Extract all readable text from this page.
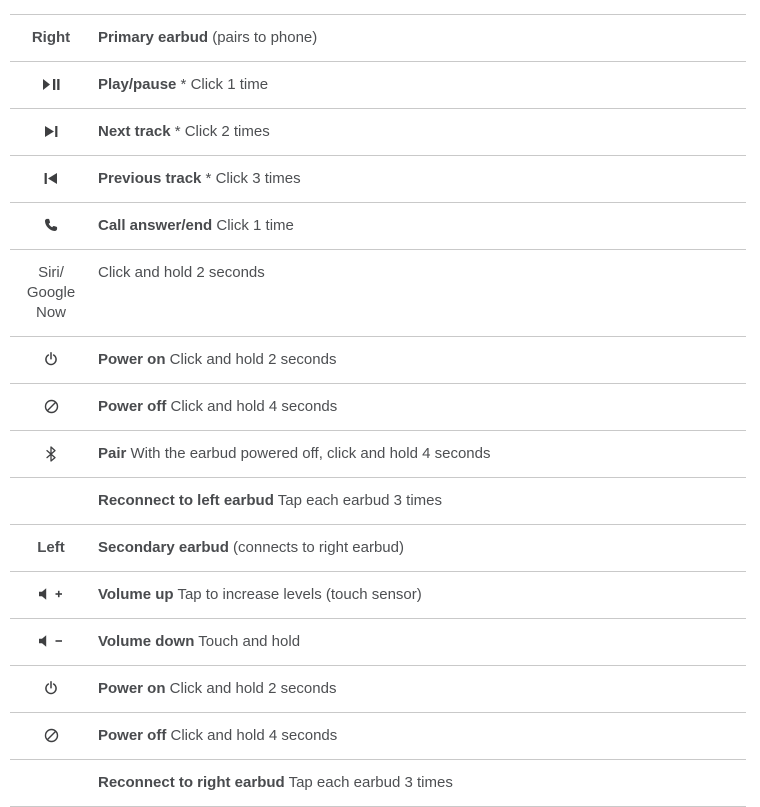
Right	Primary earbud (pairs to phone)
Play/pause * Click 1 time
Next track * Click 2 times
Previous track * Click 3 times
Call answer/end Click 1 time
Siri/ Google Now
Click and hold 2 seconds
Power on Click and hold 2 seconds
Power off Click and hold 4 seconds
Pair With the earbud powered off, click and hold 4 seconds
Reconnect to left earbud Tap each earbud 3 times
Left	Secondary earbud (connects to right earbud)
Volume up Tap to increase levels (touch sensor)
Volume down Touch and hold
Power on Click and hold 2 seconds
Power off Click and hold 4 seconds
Reconnect to right earbud Tap each earbud 3 times
